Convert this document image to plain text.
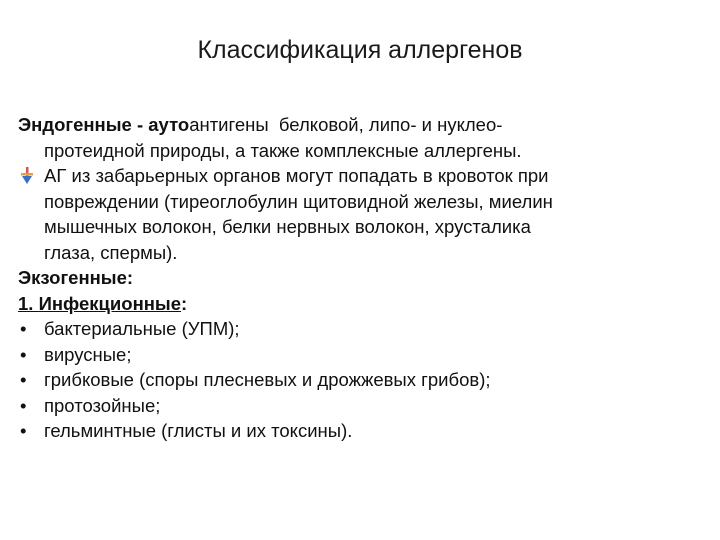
Классификация аллергенов
Эндогенные - аутоантигены  белковой, липо- и нуклео-
протеидной природы, а также комплексные аллергены.
АГ из забарьерных органов могут попадать в кровоток при
повреждении (тиреоглобулин щитовидной железы, миелин
мышечных волокон, белки нервных волокон, хрусталика
глаза, спермы).
Экзогенные:
1. Инфекционные:
• бактериальные (УПМ);
• вирусные;
• грибковые (споры плесневых и дрожжевых грибов);
• протозойные;
• гельминтные (глисты и их токсины).
